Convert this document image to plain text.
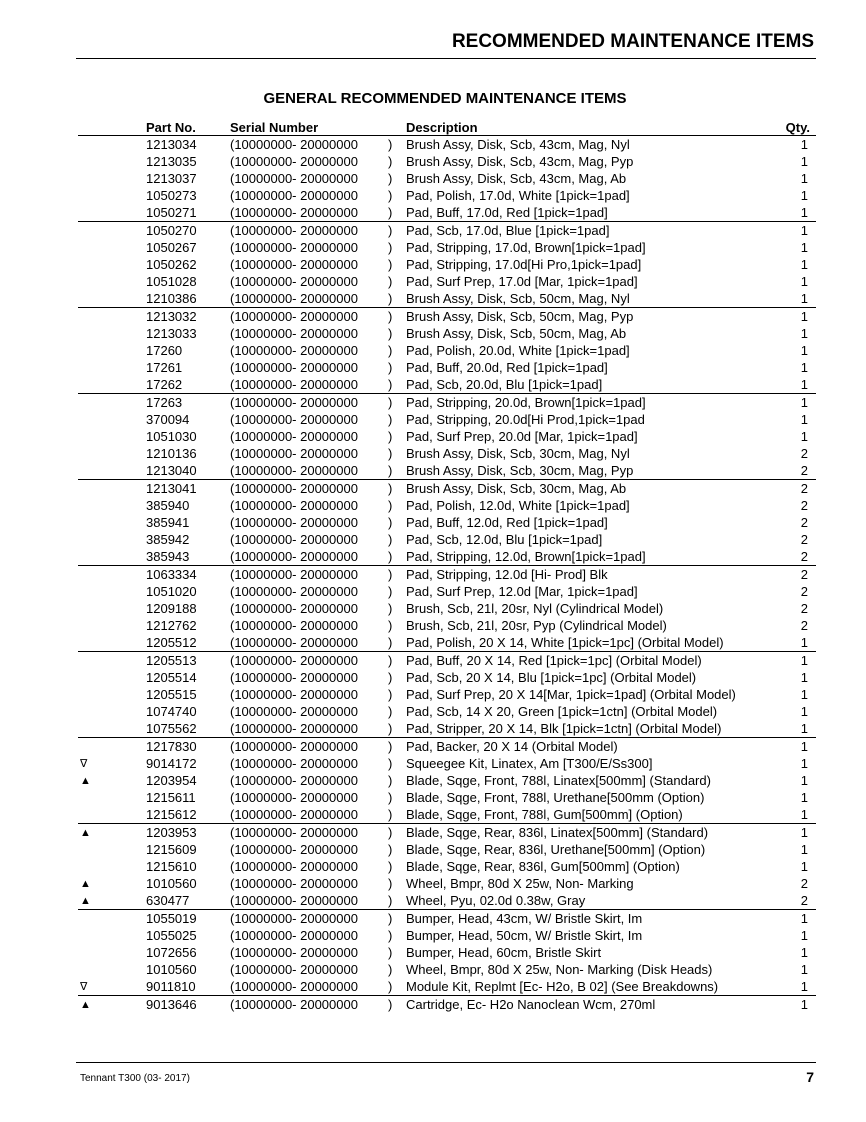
RECOMMENDED MAINTENANCE ITEMS
GENERAL RECOMMENDED MAINTENANCE ITEMS
	Part No.	Serial Number		Description	Qty.
	1213034	(10000000- 20000000	)	Brush Assy, Disk, Scb, 43cm, Mag, Nyl	1
	1213035	(10000000- 20000000	)	Brush Assy, Disk, Scb, 43cm, Mag, Pyp	1
	1213037	(10000000- 20000000	)	Brush Assy, Disk, Scb, 43cm, Mag, Ab	1
	1050273	(10000000- 20000000	)	Pad, Polish, 17.0d, White [1pick=1pad]	1
	1050271	(10000000- 20000000	)	Pad, Buff, 17.0d, Red [1pick=1pad]	1
	1050270	(10000000- 20000000	)	Pad, Scb, 17.0d, Blue [1pick=1pad]	1
	1050267	(10000000- 20000000	)	Pad, Stripping, 17.0d, Brown[1pick=1pad]	1
	1050262	(10000000- 20000000	)	Pad, Stripping, 17.0d[Hi Pro,1pick=1pad]	1
	1051028	(10000000- 20000000	)	Pad, Surf Prep, 17.0d [Mar, 1pick=1pad]	1
	1210386	(10000000- 20000000	)	Brush Assy, Disk, Scb, 50cm, Mag, Nyl	1
	1213032	(10000000- 20000000	)	Brush Assy, Disk, Scb, 50cm, Mag, Pyp	1
	1213033	(10000000- 20000000	)	Brush Assy, Disk, Scb, 50cm, Mag, Ab	1
	17260	(10000000- 20000000	)	Pad, Polish, 20.0d, White [1pick=1pad]	1
	17261	(10000000- 20000000	)	Pad, Buff, 20.0d, Red [1pick=1pad]	1
	17262	(10000000- 20000000	)	Pad, Scb, 20.0d, Blu [1pick=1pad]	1
	17263	(10000000- 20000000	)	Pad, Stripping, 20.0d, Brown[1pick=1pad]	1
	370094	(10000000- 20000000	)	Pad, Stripping, 20.0d[Hi Prod,1pick=1pad	1
	1051030	(10000000- 20000000	)	Pad, Surf Prep, 20.0d [Mar, 1pick=1pad]	1
	1210136	(10000000- 20000000	)	Brush Assy, Disk, Scb, 30cm, Mag, Nyl	2
	1213040	(10000000- 20000000	)	Brush Assy, Disk, Scb, 30cm, Mag, Pyp	2
	1213041	(10000000- 20000000	)	Brush Assy, Disk, Scb, 30cm, Mag, Ab	2
	385940	(10000000- 20000000	)	Pad, Polish, 12.0d, White [1pick=1pad]	2
	385941	(10000000- 20000000	)	Pad, Buff, 12.0d, Red [1pick=1pad]	2
	385942	(10000000- 20000000	)	Pad, Scb, 12.0d, Blu [1pick=1pad]	2
	385943	(10000000- 20000000	)	Pad, Stripping, 12.0d, Brown[1pick=1pad]	2
	1063334	(10000000- 20000000	)	Pad, Stripping, 12.0d [Hi- Prod] Blk	2
	1051020	(10000000- 20000000	)	Pad, Surf Prep, 12.0d [Mar, 1pick=1pad]	2
	1209188	(10000000- 20000000	)	Brush, Scb, 21l, 20sr, Nyl (Cylindrical Model)	2
	1212762	(10000000- 20000000	)	Brush, Scb, 21l, 20sr, Pyp (Cylindrical Model)	2
	1205512	(10000000- 20000000	)	Pad, Polish, 20 X 14, White [1pick=1pc] (Orbital Model)	1
	1205513	(10000000- 20000000	)	Pad, Buff, 20 X 14, Red [1pick=1pc] (Orbital Model)	1
	1205514	(10000000- 20000000	)	Pad, Scb, 20 X 14, Blu [1pick=1pc] (Orbital Model)	1
	1205515	(10000000- 20000000	)	Pad, Surf Prep, 20 X 14[Mar, 1pick=1pad] (Orbital Model)	1
	1074740	(10000000- 20000000	)	Pad, Scb, 14 X 20, Green [1pick=1ctn] (Orbital Model)	1
	1075562	(10000000- 20000000	)	Pad, Stripper, 20 X 14, Blk [1pick=1ctn] (Orbital Model)	1
	1217830	(10000000- 20000000	)	Pad, Backer, 20 X 14 (Orbital Model)	1
∇	9014172	(10000000- 20000000	)	Squeegee Kit, Linatex, Am [T300/E/Ss300]	1
▲	1203954	(10000000- 20000000	)	Blade, Sqge, Front, 788l, Linatex[500mm] (Standard)	1
	1215611	(10000000- 20000000	)	Blade, Sqge, Front, 788l, Urethane[500mm (Option)	1
	1215612	(10000000- 20000000	)	Blade, Sqge, Front, 788l, Gum[500mm] (Option)	1
▲	1203953	(10000000- 20000000	)	Blade, Sqge, Rear, 836l, Linatex[500mm] (Standard)	1
	1215609	(10000000- 20000000	)	Blade, Sqge, Rear, 836l, Urethane[500mm] (Option)	1
	1215610	(10000000- 20000000	)	Blade, Sqge, Rear, 836l, Gum[500mm] (Option)	1
▲	1010560	(10000000- 20000000	)	Wheel, Bmpr, 80d X 25w, Non- Marking	2
▲	630477	(10000000- 20000000	)	Wheel, Pyu, 02.0d 0.38w, Gray	2
	1055019	(10000000- 20000000	)	Bumper, Head, 43cm, W/ Bristle Skirt, Im	1
	1055025	(10000000- 20000000	)	Bumper, Head, 50cm, W/ Bristle Skirt, Im	1
	1072656	(10000000- 20000000	)	Bumper, Head, 60cm, Bristle Skirt	1
	1010560	(10000000- 20000000	)	Wheel, Bmpr, 80d X 25w, Non- Marking (Disk Heads)	1
∇	9011810	(10000000- 20000000	)	Module Kit, Replmt [Ec- H2o, B 02] (See Breakdowns)	1
▲	9013646	(10000000- 20000000	)	Cartridge, Ec- H2o Nanoclean Wcm, 270ml	1
Tennant T300 (03- 2017)	7
